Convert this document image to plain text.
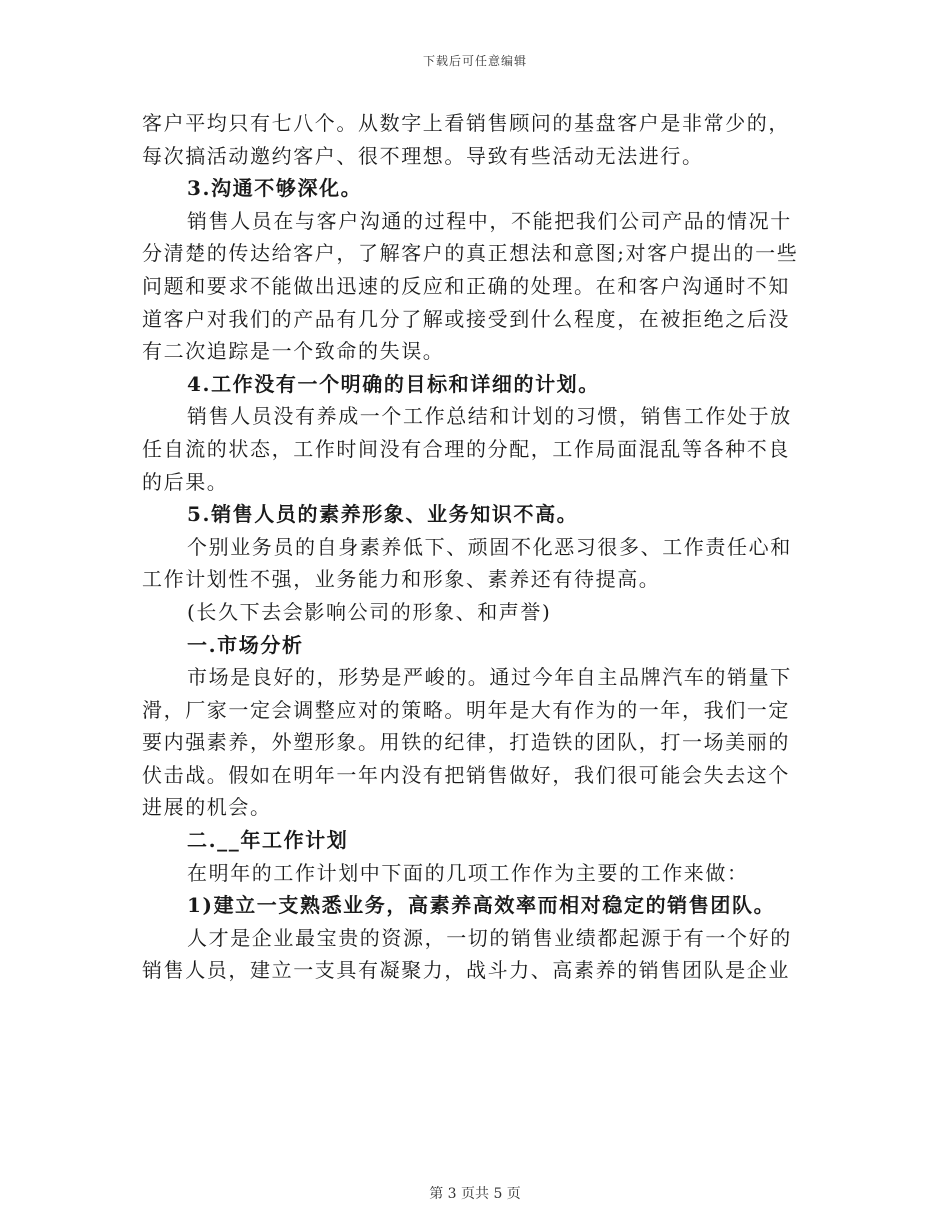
下载后可任意编辑
客户平均只有七八个。从数字上看销售顾问的基盘客户是非常少的，
每次搞活动邀约客户、很不理想。导致有些活动无法进行。
3.沟通不够深化。
销售人员在与客户沟通的过程中，不能把我们公司产品的情况十
分清楚的传达给客户，了解客户的真正想法和意图;对客户提出的一些
问题和要求不能做出迅速的反应和正确的处理。在和客户沟通时不知
道客户对我们的产品有几分了解或接受到什么程度，在被拒绝之后没
有二次追踪是一个致命的失误。
4.工作没有一个明确的目标和详细的计划。
销售人员没有养成一个工作总结和计划的习惯，销售工作处于放
任自流的状态，工作时间没有合理的分配，工作局面混乱等各种不良
的后果。
5.销售人员的素养形象、业务知识不高。
个别业务员的自身素养低下、顽固不化恶习很多、工作责任心和
工作计划性不强，业务能力和形象、素养还有待提高。
(长久下去会影响公司的形象、和声誉)
一.市场分析
市场是良好的，形势是严峻的。通过今年自主品牌汽车的销量下
滑，厂家一定会调整应对的策略。明年是大有作为的一年，我们一定
要内强素养，外塑形象。用铁的纪律，打造铁的团队，打一场美丽的
伏击战。假如在明年一年内没有把销售做好，我们很可能会失去这个
进展的机会。
二.__年工作计划
在明年的工作计划中下面的几项工作作为主要的工作来做：
1)建立一支熟悉业务，高素养高效率而相对稳定的销售团队。
人才是企业最宝贵的资源，一切的销售业绩都起源于有一个好的
销售人员，建立一支具有凝聚力，战斗力、高素养的销售团队是企业
第 3 页共 5 页
